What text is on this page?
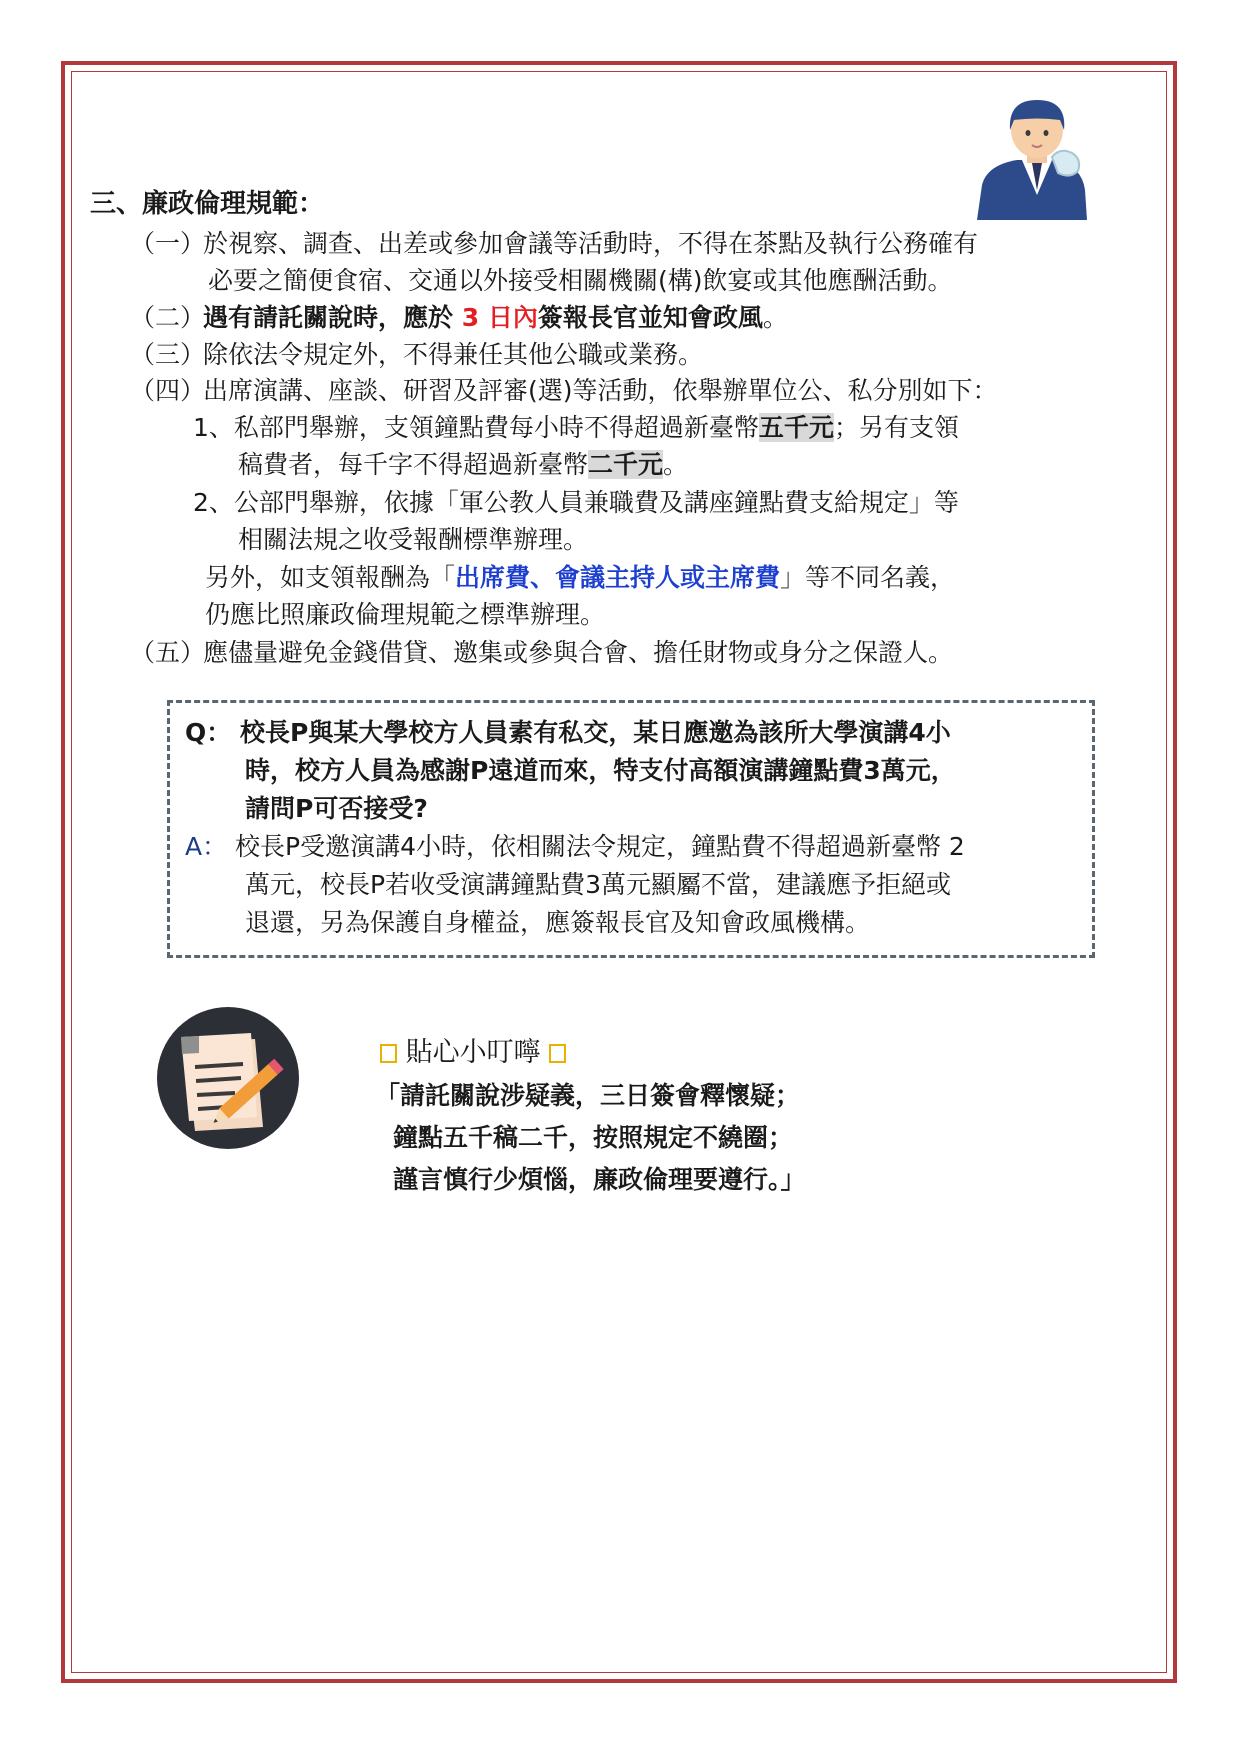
三、廉政倫理規範：
（一）
於視察、調查、出差或參加會議等活動時，不得在茶點及執行公務確有
必要之簡便食宿、交通以外接受相關機關(構)飲宴或其他應酬活動。
（二）
遇有請託關說時，應於 3 日內簽報長官並知會政風。
（三）
除依法令規定外，不得兼任其他公職或業務。
（四）
出席演講、座談、研習及評審(選)等活動，依舉辦單位公、私分別如下：
1、私部門舉辦，支領鐘點費每小時不得超過新臺幣五千元；另有支領
稿費者，每千字不得超過新臺幣二千元。
2、公部門舉辦，依據「軍公教人員兼職費及講座鐘點費支給規定」等
相關法規之收受報酬標準辦理。
另外，如支領報酬為「出席費、會議主持人或主席費」等不同名義，
仍應比照廉政倫理規範之標準辦理。
（五）
應儘量避免金錢借貸、邀集或參與合會、擔任財物或身分之保證人。
Q： 校長P與某大學校方人員素有私交，某日應邀為該所大學演講4小
時，校方人員為感謝P遠道而來，特支付高額演講鐘點費3萬元，
請問P可否接受?
A： 校長P受邀演講4小時，依相關法令規定，鐘點費不得超過新臺幣 2
萬元，校長P若收受演講鐘點費3萬元顯屬不當，建議應予拒絕或
退還，另為保護自身權益，應簽報長官及知會政風機構。
貼心小叮嚀
「請託關說涉疑義，三日簽會釋懷疑；
鐘點五千稿二千，按照規定不繞圈；
謹言慎行少煩惱，廉政倫理要遵行。」
